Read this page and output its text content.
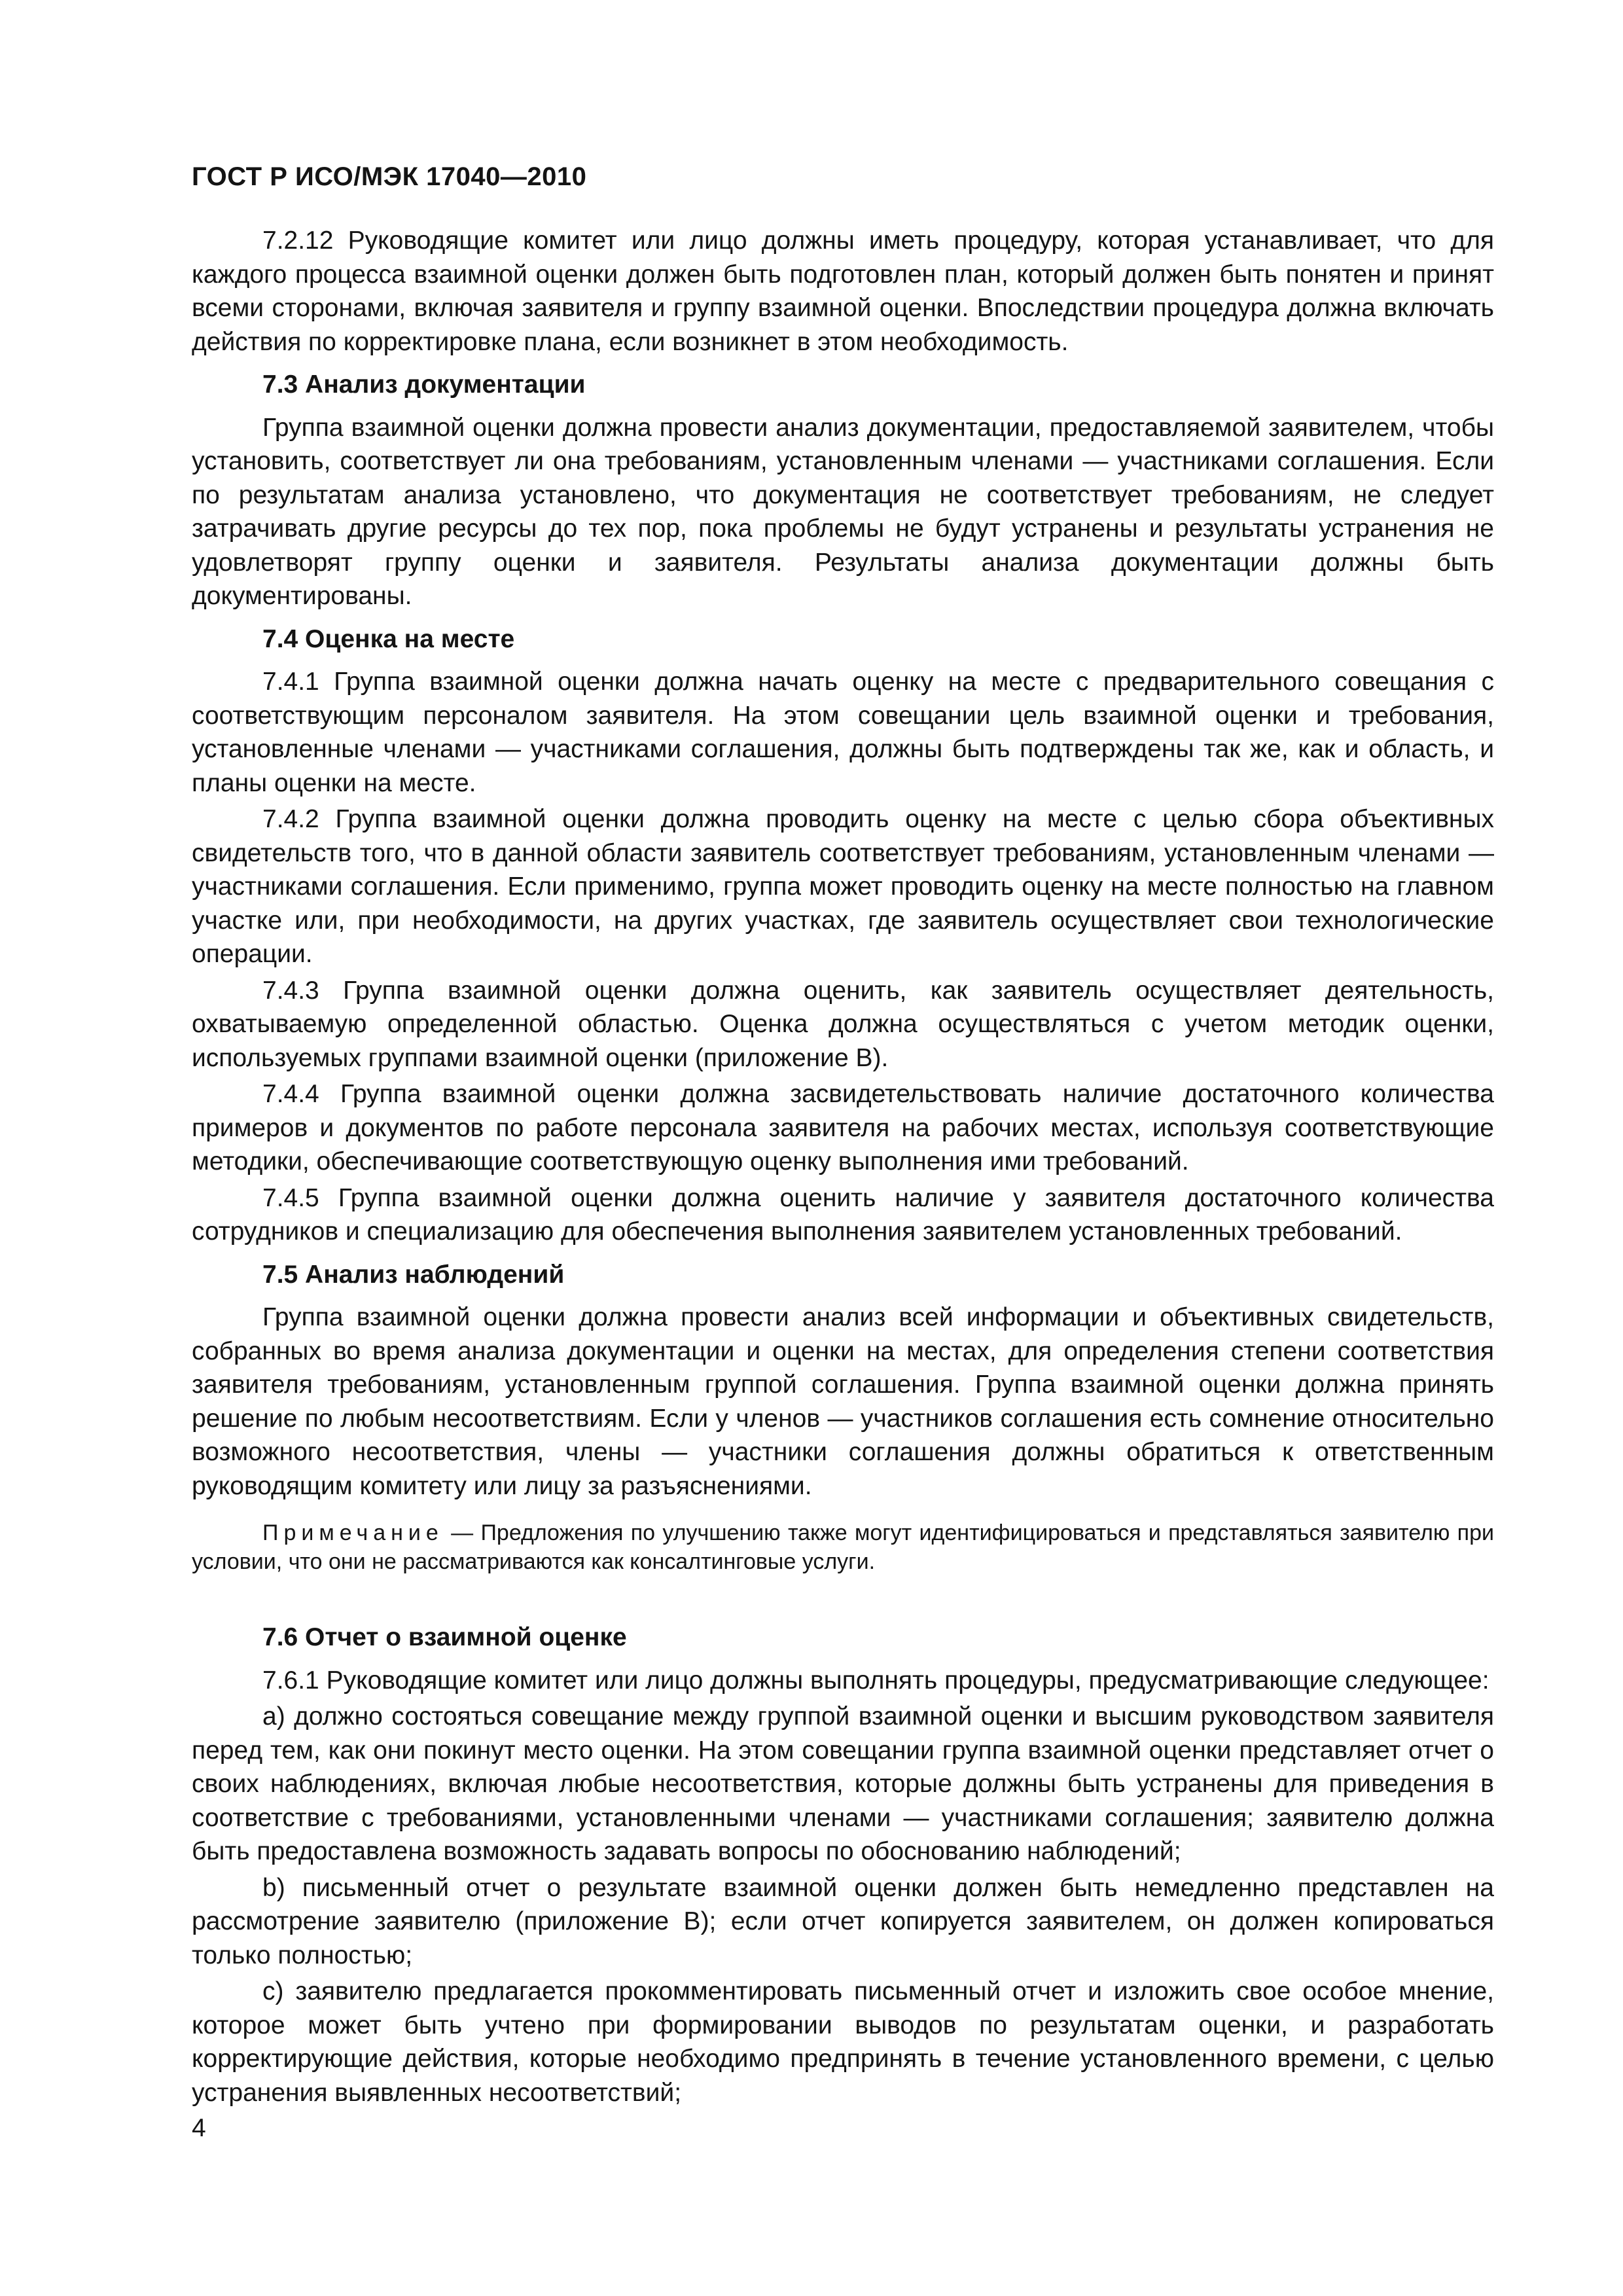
ГОСТ Р ИСО/МЭК 17040—2010

7.2.12 Руководящие комитет или лицо должны иметь процедуру, которая устанавливает, что для каждого процесса взаимной оценки должен быть подготовлен план, который должен быть понятен и принят всеми сторонами, включая заявителя и группу взаимной оценки. Впоследствии процедура должна включать действия по корректировке плана, если возникнет в этом необходимость.

7.3 Анализ документации

Группа взаимной оценки должна провести анализ документации, предоставляемой заявителем, чтобы установить, соответствует ли она требованиям, установленным членами — участниками соглашения. Если по результатам анализа установлено, что документация не соответствует требованиям, не следует затрачивать другие ресурсы до тех пор, пока проблемы не будут устранены и результаты устранения не удовлетворят группу оценки и заявителя. Результаты анализа документации должны быть документированы.

7.4 Оценка на месте

7.4.1 Группа взаимной оценки должна начать оценку на месте с предварительного совещания с соответствующим персоналом заявителя. На этом совещании цель взаимной оценки и требования, установленные членами — участниками соглашения, должны быть подтверждены так же, как и область, и планы оценки на месте.

7.4.2 Группа взаимной оценки должна проводить оценку на месте с целью сбора объективных свидетельств того, что в данной области заявитель соответствует требованиям, установленным членами — участниками соглашения. Если применимо, группа может проводить оценку на месте полностью на главном участке или, при необходимости, на других участках, где заявитель осуществляет свои технологические операции.

7.4.3 Группа взаимной оценки должна оценить, как заявитель осуществляет деятельность, охватываемую определенной областью. Оценка должна осуществляться с учетом методик оценки, используемых группами взаимной оценки (приложение В).

7.4.4 Группа взаимной оценки должна засвидетельствовать наличие достаточного количества примеров и документов по работе персонала заявителя на рабочих местах, используя соответствующие методики, обеспечивающие соответствующую оценку выполнения ими требований.

7.4.5 Группа взаимной оценки должна оценить наличие у заявителя достаточного количества сотрудников и специализацию для обеспечения выполнения заявителем установленных требований.

7.5 Анализ наблюдений

Группа взаимной оценки должна провести анализ всей информации и объективных свидетельств, собранных во время анализа документации и оценки на местах, для определения степени соответствия заявителя требованиям, установленным группой соглашения. Группа взаимной оценки должна принять решение по любым несоответствиям. Если у членов — участников соглашения есть сомнение относительно возможного несоответствия, члены — участники соглашения должны обратиться к ответственным руководящим комитету или лицу за разъяснениями.

Примечание — Предложения по улучшению также могут идентифицироваться и представляться заявителю при условии, что они не рассматриваются как консалтинговые услуги.
7.6 Отчет о взаимной оценке

7.6.1 Руководящие комитет или лицо должны выполнять процедуры, предусматривающие следующее:

а) должно состояться совещание между группой взаимной оценки и высшим руководством заявителя перед тем, как они покинут место оценки. На этом совещании группа взаимной оценки представляет отчет о своих наблюдениях, включая любые несоответствия, которые должны быть устранены для приведения в соответствие с требованиями, установленными членами — участниками соглашения; заявителю должна быть предоставлена возможность задавать вопросы по обоснованию наблюдений;

b) письменный отчет о результате взаимной оценки должен быть немедленно представлен на рассмотрение заявителю (приложение В); если отчет копируется заявителем, он должен копироваться только полностью;

с) заявителю предлагается прокомментировать письменный отчет и изложить свое особое мнение, которое может быть учтено при формировании выводов по результатам оценки, и разработать корректирующие действия, которые необходимо предпринять в течение установленного времени, с целью устранения выявленных несоответствий;

4
